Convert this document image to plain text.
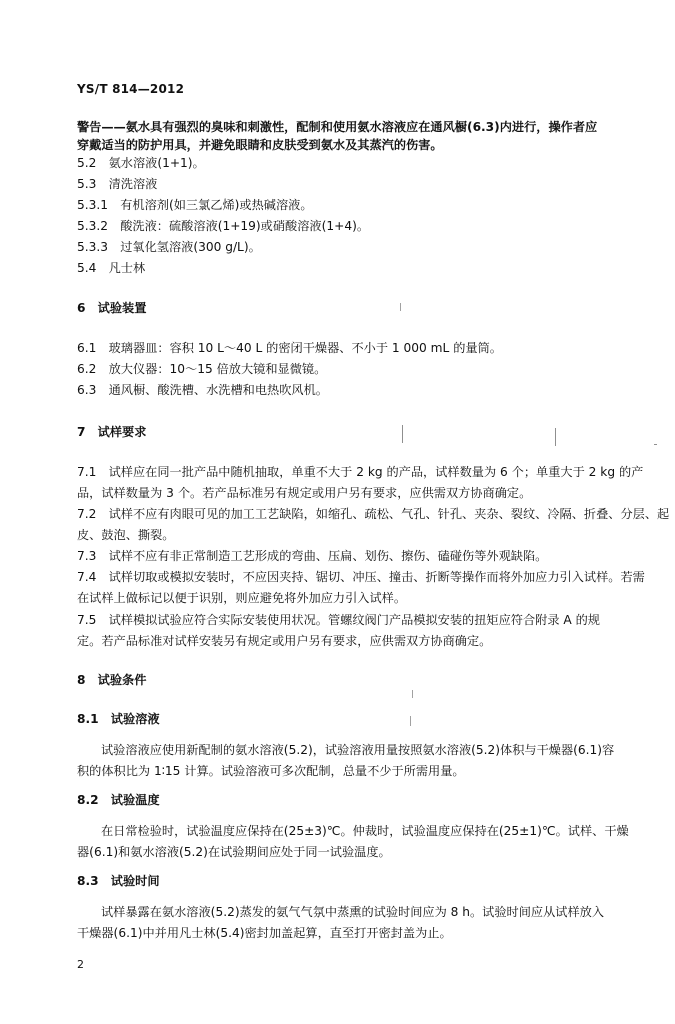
YS/T 814—2012
警告——氨水具有强烈的臭味和刺激性，配制和使用氨水溶液应在通风橱(6.3)内进行，操作者应
穿戴适当的防护用具，并避免眼睛和皮肤受到氨水及其蒸汽的伤害。
5.2　氨水溶液(1+1)。
5.3　清洗溶液
5.3.1　有机溶剂(如三氯乙烯)或热碱溶液。
5.3.2　酸洗液：硫酸溶液(1+19)或硝酸溶液(1+4)。
5.3.3　过氧化氢溶液(300 g/L)。
5.4　凡士林
6　试验装置
6.1　玻璃器皿：容积 10 L～40 L 的密闭干燥器、不小于 1 000 mL 的量筒。
6.2　放大仪器：10～15 倍放大镜和显微镜。
6.3　通风橱、酸洗槽、水洗槽和电热吹风机。
7　试样要求
7.1　试样应在同一批产品中随机抽取，单重不大于 2 kg 的产品，试样数量为 6 个；单重大于 2 kg 的产
品，试样数量为 3 个。若产品标准另有规定或用户另有要求，应供需双方协商确定。
7.2　试样不应有肉眼可见的加工工艺缺陷，如缩孔、疏松、气孔、针孔、夹杂、裂纹、冷隔、折叠、分层、起
皮、鼓泡、撕裂。
7.3　试样不应有非正常制造工艺形成的弯曲、压扁、划伤、擦伤、磕碰伤等外观缺陷。
7.4　试样切取或模拟安装时，不应因夹持、锯切、冲压、撞击、折断等操作而将外加应力引入试样。若需
在试样上做标记以便于识别，则应避免将外加应力引入试样。
7.5　试样模拟试验应符合实际安装使用状况。管螺纹阀门产品模拟安装的扭矩应符合附录 A 的规
定。若产品标准对试样安装另有规定或用户另有要求，应供需双方协商确定。
8　试验条件
8.1　试验溶液
试验溶液应使用新配制的氨水溶液(5.2)，试验溶液用量按照氨水溶液(5.2)体积与干燥器(6.1)容
积的体积比为 1∶15 计算。试验溶液可多次配制，总量不少于所需用量。
8.2　试验温度
在日常检验时，试验温度应保持在(25±3)℃。仲裁时，试验温度应保持在(25±1)℃。试样、干燥
器(6.1)和氨水溶液(5.2)在试验期间应处于同一试验温度。
8.3　试验时间
试样暴露在氨水溶液(5.2)蒸发的氨气气氛中蒸熏的试验时间应为 8 h。试验时间应从试样放入
干燥器(6.1)中并用凡士林(5.4)密封加盖起算，直至打开密封盖为止。
2
